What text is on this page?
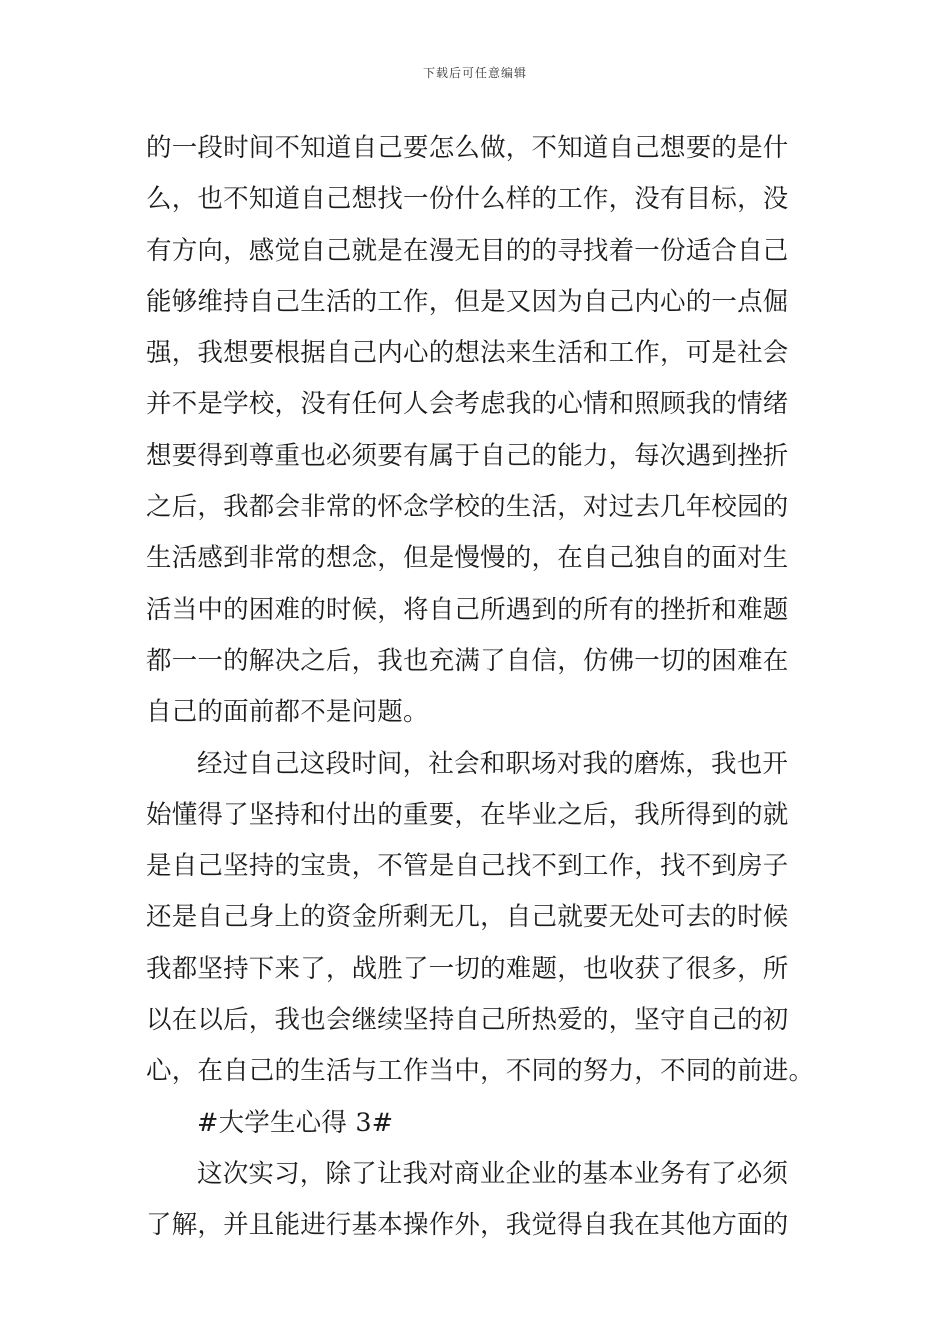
下载后可任意编辑
的一段时间不知道自己要怎么做，不知道自己想要的是什
么，也不知道自己想找一份什么样的工作，没有目标，没
有方向，感觉自己就是在漫无目的的寻找着一份适合自己
能够维持自己生活的工作，但是又因为自己内心的一点倔
强，我想要根据自己内心的想法来生活和工作，可是社会
并不是学校，没有任何人会考虑我的心情和照顾我的情绪
想要得到尊重也必须要有属于自己的能力，每次遇到挫折
之后，我都会非常的怀念学校的生活，对过去几年校园的
生活感到非常的想念，但是慢慢的，在自己独自的面对生
活当中的困难的时候，将自己所遇到的所有的挫折和难题
都一一的解决之后，我也充满了自信，仿佛一切的困难在
自己的面前都不是问题。
经过自己这段时间，社会和职场对我的磨炼，我也开
始懂得了坚持和付出的重要，在毕业之后，我所得到的就
是自己坚持的宝贵，不管是自己找不到工作，找不到房子
还是自己身上的资金所剩无几，自己就要无处可去的时候
我都坚持下来了，战胜了一切的难题，也收获了很多，所
以在以后，我也会继续坚持自己所热爱的，坚守自己的初
心，在自己的生活与工作当中，不同的努力，不同的前进。
#大学生心得 3#
这次实习，除了让我对商业企业的基本业务有了必须
了解，并且能进行基本操作外，我觉得自我在其他方面的
